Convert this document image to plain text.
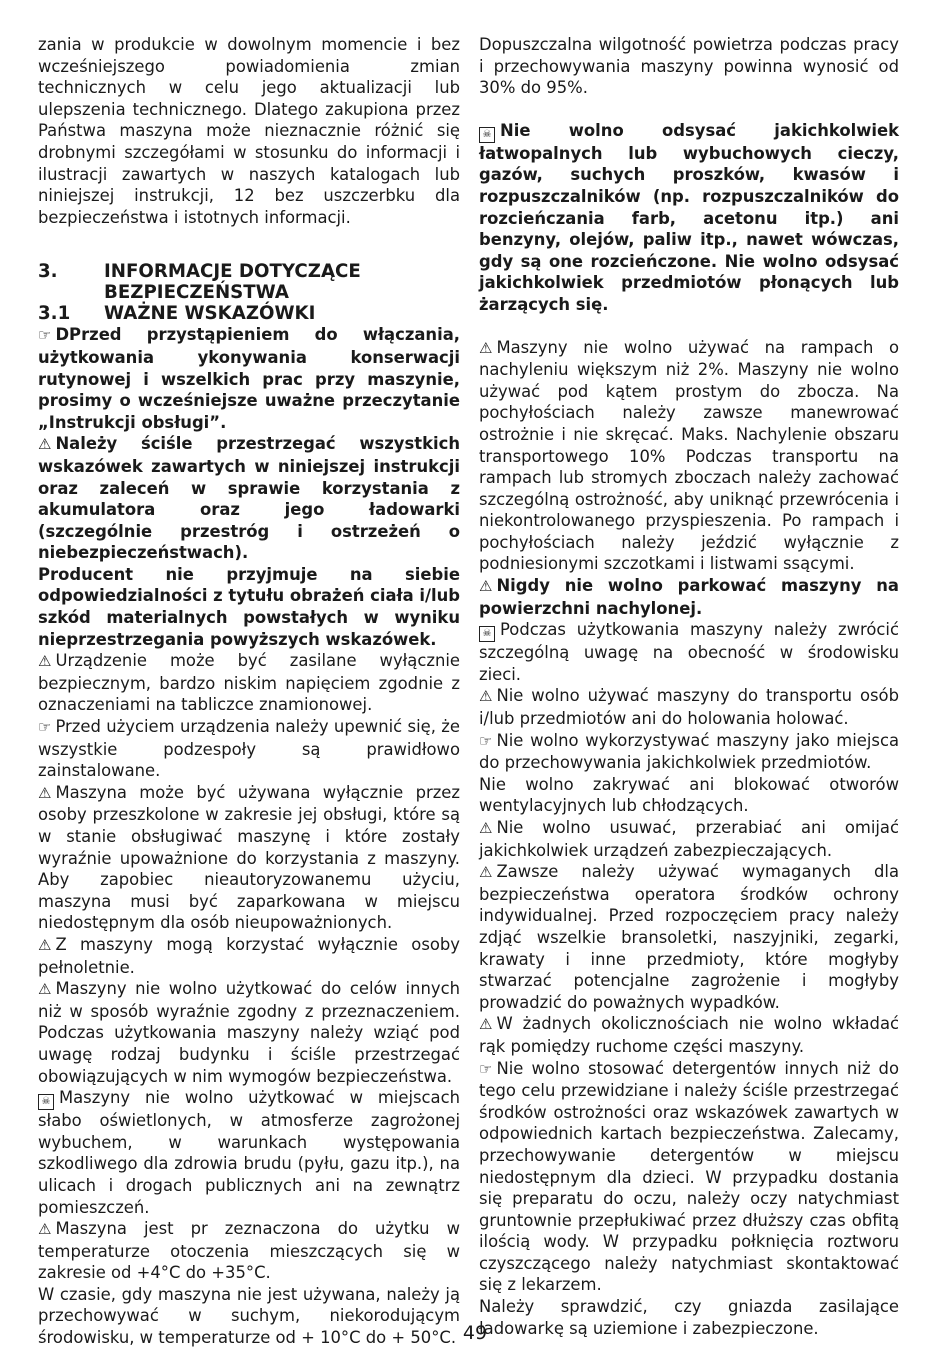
zania w produkcie w dowolnym momencie i bez wcześniejszego powiadomienia zmian technicznych w celu jego aktualizacji lub ulepszenia technicznego. Dlatego zakupiona przez Państwa maszyna może nieznacznie różnić się drobnymi szczegółami w stosunku do informacji i ilustracji zawartych w naszych katalogach lub niniejszej instrukcji, 12 bez uszczerbku dla bezpieczeństwa i istotnych informacji.

3.	INFORMACJE DOTYCZĄCE BEZPIECZEŃSTWA

3.1 WAŻNE WSKAZÓWKI

☞ DPrzed przystąpieniem do włączania, użytkowania ykonywania konserwacji rutynowej i wszelkich prac przy maszynie, prosimy o wcześniejsze uważne przeczytanie „Instrukcji obsługi”.

⚠ Należy ściśle przestrzegać wszystkich wskazówek zawartych w niniejszej instrukcji oraz zaleceń w sprawie korzystania z akumulatora oraz jego ładowarki (szczególnie przestróg i ostrzeżeń o niebezpieczeństwach).

Producent nie przyjmuje na siebie odpowiedzialności z tytułu obrażeń ciała i/lub szkód materialnych powstałych w wyniku nieprzestrzegania powyższych wskazówek.

⚠ Urządzenie może być zasilane wyłącznie bezpiecznym, bardzo niskim napięciem zgodnie z oznaczeniami na tabliczce znamionowej.

☞ Przed użyciem urządzenia należy upewnić się, że wszystkie podzespoły są prawidłowo zainstalowane.

⚠ Maszyna może być używana wyłącznie przez osoby przeszkolone w zakresie jej obsługi, które są w stanie obsługiwać maszynę i które zostały wyraźnie upoważnione do korzystania z maszyny. Aby zapobiec nieautoryzowanemu użyciu, maszyna musi być zaparkowana w miejscu niedostępnym dla osób nieupoważnionych.

⚠ Z maszyny mogą korzystać wyłącznie osoby pełnoletnie.

⚠ Maszyny nie wolno użytkować do celów innych niż w sposób wyraźnie zgodny z przeznaczeniem. Podczas użytkowania maszyny należy wziąć pod uwagę rodzaj budynku i ściśle przestrzegać obowiązujących w nim wymogów bezpieczeństwa.

☠ Maszyny nie wolno użytkować w miejscach słabo oświetlonych, w atmosferze zagrożonej wybuchem, w warunkach występowania szkodliwego dla zdrowia brudu (pyłu, gazu itp.), na ulicach i drogach publicznych ani na zewnątrz pomieszczeń.

⚠ Maszyna jest pr zeznaczona do użytku w temperaturze otoczenia mieszczących się w zakresie od +4°C do +35°C.

W czasie, gdy maszyna nie jest używana, należy ją przechowywać w suchym, niekorodującym środowisku, w temperaturze od + 10°C do + 50°C.

Dopuszczalna wilgotność powietrza podczas pracy i przechowywania maszyny powinna wynosić od 30% do 95%.

☠ Nie wolno odsysać jakichkolwiek łatwopalnych lub wybuchowych cieczy, gazów, suchych proszków, kwasów i rozpuszczalników (np. rozpuszczalników do rozcieńczania farb, acetonu itp.) ani benzyny, olejów, paliw itp., nawet wówczas, gdy są one rozcieńczone. Nie wolno odsysać jakichkolwiek przedmiotów płonących lub żarzących się.

⚠ Maszyny nie wolno używać na rampach o nachyleniu większym niż 2%. Maszyny nie wolno używać pod kątem prostym do zbocza. Na pochyłościach należy zawsze manewrować ostrożnie i nie skręcać. Maks. Nachylenie obszaru transportowego 10% Podczas transportu na rampach lub stromych zboczach należy zachować szczególną ostrożność, aby uniknąć przewrócenia i niekontrolowanego przyspieszenia. Po rampach i pochyłościach należy jeździć wyłącznie z podniesionymi szczotkami i listwami ssącymi.

⚠ Nigdy nie wolno parkować maszyny na powierzchni nachylonej.

☠ Podczas użytkowania maszyny należy zwrócić szczególną uwagę na obecność w środowisku zieci.

⚠ Nie wolno używać maszyny do transportu osób i/lub przedmiotów ani do holowania holować.

☞ Nie wolno wykorzystywać maszyny jako miejsca do przechowywania jakichkolwiek przedmiotów.

Nie wolno zakrywać ani blokować otworów wentylacyjnych lub chłodzących.

⚠ Nie wolno usuwać, przerabiać ani omijać jakichkolwiek urządzeń zabezpieczających.

⚠ Zawsze należy używać wymaganych dla bezpieczeństwa operatora środków ochrony indywidualnej. Przed rozpoczęciem pracy należy zdjąć wszelkie bransoletki, naszyjniki, zegarki, krawaty i inne przedmioty, które mogłyby stwarzać potencjalne zagrożenie i mogłyby prowadzić do poważnych wypadków.

⚠ W żadnych okolicznościach nie wolno wkładać rąk pomiędzy ruchome części maszyny.

☞ Nie wolno stosować detergentów innych niż do tego celu przewidziane i należy ściśle przestrzegać środków ostrożności oraz wskazówek zawartych w odpowiednich kartach bezpieczeństwa. Zalecamy, przechowywanie detergentów w miejscu niedostępnym dla dzieci. W przypadku dostania się preparatu do oczu, należy oczy natychmiast gruntownie przepłukiwać przez dłuższy czas obfitą ilością wody. W przypadku połknięcia roztworu czyszczącego należy natychmiast skontaktować się z lekarzem.

Należy sprawdzić, czy gniazda zasilające ładowarkę są uziemione i zabezpieczone.

49
